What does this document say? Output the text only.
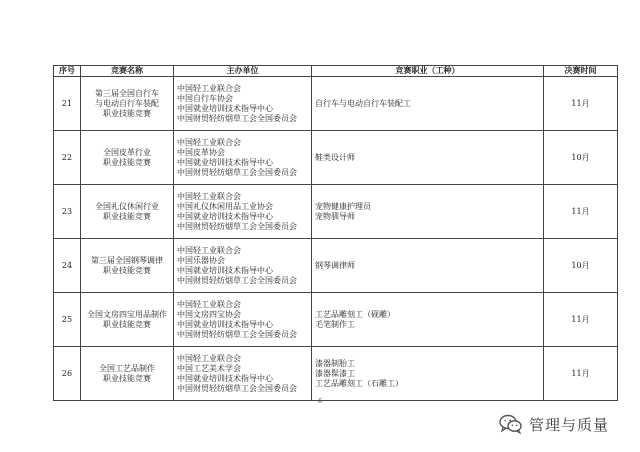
序号	竞赛名称	主办单位	竞赛职业（工种）	决赛时间
21	第三届全国自行车
与电动自行车装配
职业技能竞赛	中国轻工业联合会
中国自行车协会
中国就业培训技术指导中心
中国财贸轻纺烟草工会全国委员会	自行车与电动自行车装配工	11月
22	全国皮革行业
职业技能竞赛	中国轻工业联合会
中国皮革协会
中国就业培训技术指导中心
中国财贸轻纺烟草工会全国委员会	鞋类设计师	10月
23	全国礼仪休闲行业
职业技能竞赛	中国轻工业联合会
中国礼仪休闲用品工业协会
中国就业培训技术指导中心
中国财贸轻纺烟草工会全国委员会	宠物健康护理员
宠物驯导师	11月
24	第三届全国钢琴调律
职业技能竞赛	中国轻工业联合会
中国乐器协会
中国就业培训技术指导中心
中国财贸轻纺烟草工会全国委员会	钢琴调律师	10月
25	全国文房四宝用品制作
职业技能竞赛	中国轻工业联合会
中国文房四宝协会
中国就业培训技术指导中心
中国财贸轻纺烟草工会全国委员会	工艺品雕刻工（砚雕）
毛笔制作工	11月
26	全国工艺品制作
职业技能竞赛	中国轻工业联合会
中国工艺美术学会
中国就业培训技术指导中心
中国财贸轻纺烟草工会全国委员会	漆器制胎工
漆器髹漆工
工艺品雕刻工（石雕工）	11月
6
管理与质量
